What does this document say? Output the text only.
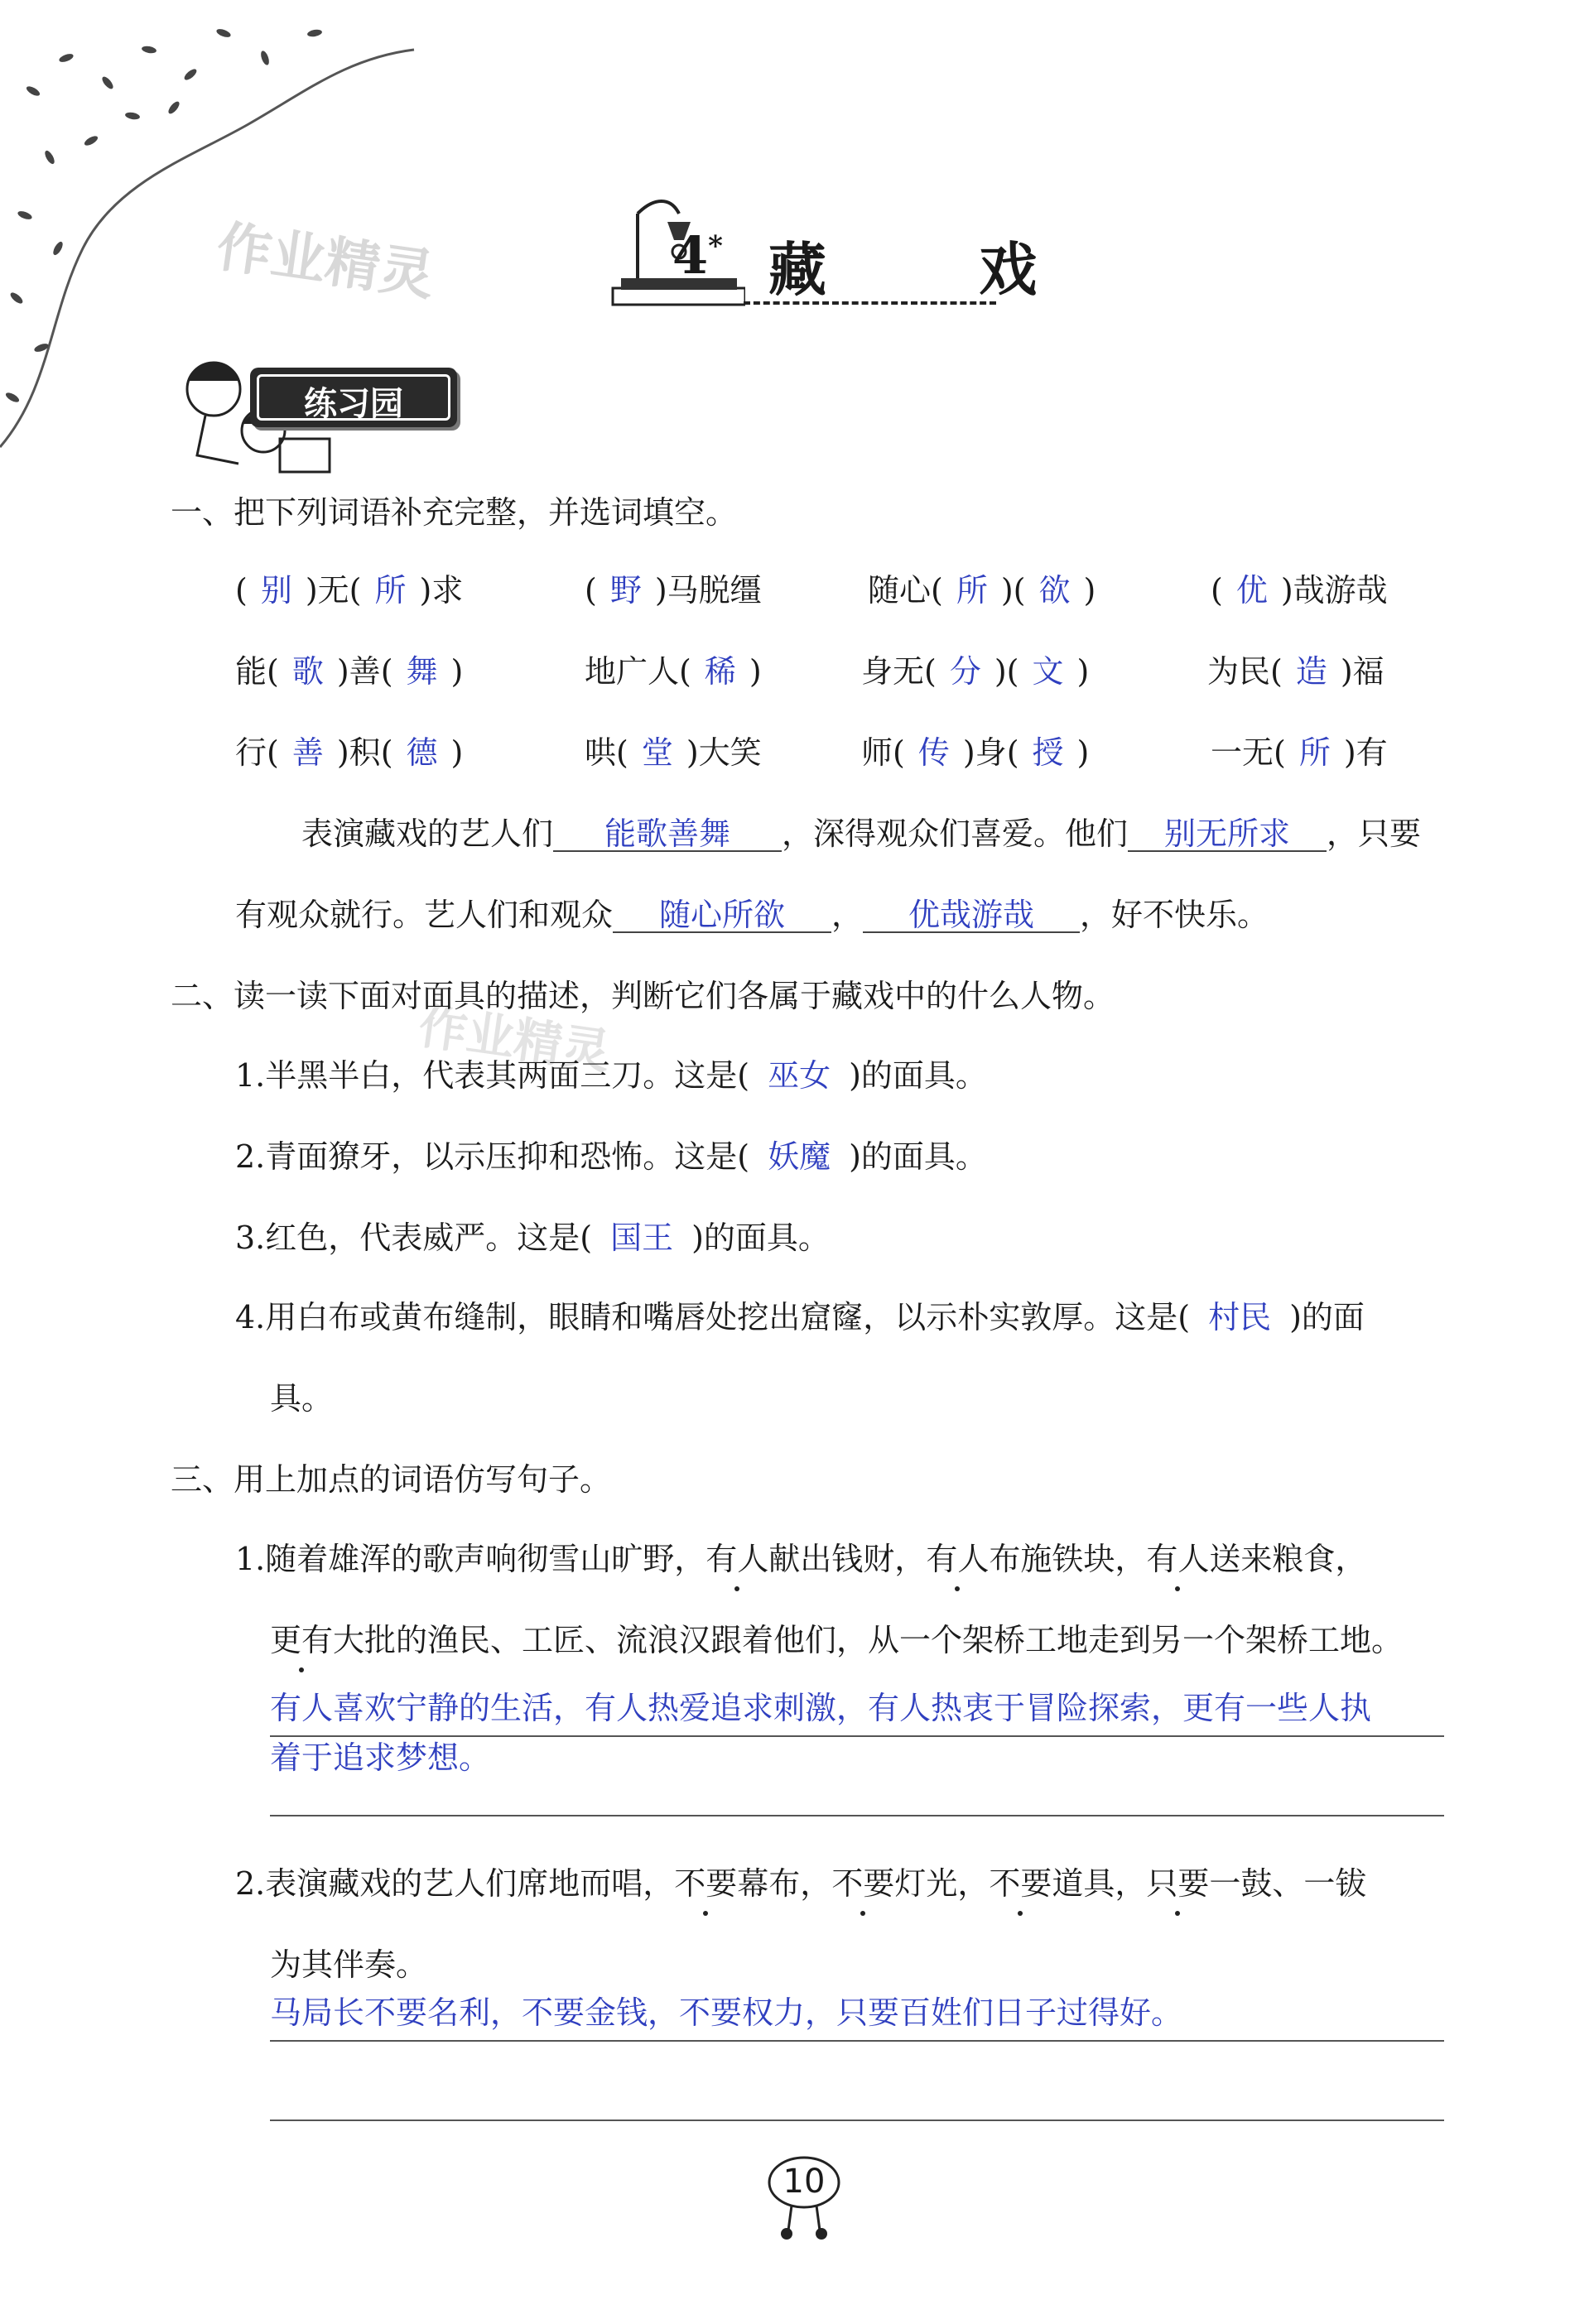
作业精灵
作业精灵
4* 藏 戏
练习园
一、把下列词语补充完整，并选词填空。
( 别 )无( 所 )求	( 野 )马脱缰	随心( 所 )( 欲 )	( 优 )哉游哉
能( 歌 )善( 舞 )	地广人( 稀 )	身无( 分 )( 文 )	为民( 造 )福
行( 善 )积( 德 )	哄( 堂 )大笑	师( 传 )身( 授 )	一无( 所 )有
表演藏戏的艺人们 能歌善舞 ，深得观众们喜爱。他们 别无所求 ，只要
有观众就行。艺人们和观众 随心所欲 ， 优哉游哉 ，好不快乐。
二、读一读下面对面具的描述，判断它们各属于藏戏中的什么人物。
1.半黑半白，代表其两面三刀。这是( 巫女 )的面具。
2.青面獠牙，以示压抑和恐怖。这是( 妖魔 )的面具。
3.红色，代表威严。这是( 国王 )的面具。
4.用白布或黄布缝制，眼睛和嘴唇处挖出窟窿，以示朴实敦厚。这是( 村民 )的面
具。
三、用上加点的词语仿写句子。
1.随着雄浑的歌声响彻雪山旷野，有人献出钱财，有人布施铁块，有人送来粮食，
更有大批的渔民、工匠、流浪汉跟着他们，从一个架桥工地走到另一个架桥工地。
有人喜欢宁静的生活，有人热爱追求刺激，有人热衷于冒险探索，更有一些人执
着于追求梦想。
2.表演藏戏的艺人们席地而唱，不要幕布，不要灯光，不要道具，只要一鼓、一钹
为其伴奏。
马局长不要名利，不要金钱，不要权力，只要百姓们日子过得好。
10
